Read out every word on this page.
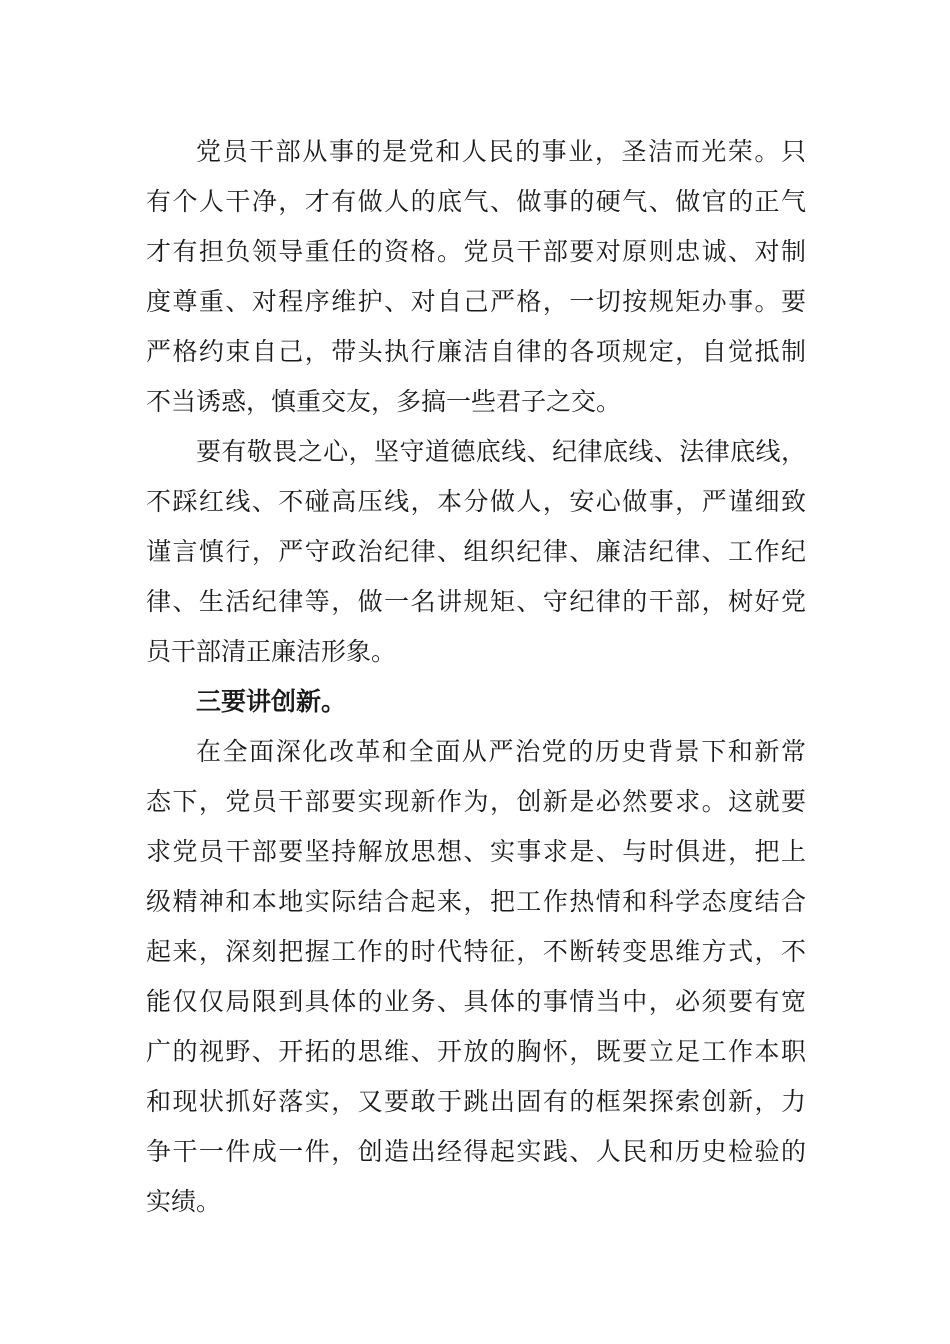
党员干部从事的是党和人民的事业，圣洁而光荣。只
有个人干净，才有做人的底气、做事的硬气、做官的正气
才有担负领导重任的资格。党员干部要对原则忠诚、对制
度尊重、对程序维护、对自己严格，一切按规矩办事。要
严格约束自己，带头执行廉洁自律的各项规定，自觉抵制
不当诱惑，慎重交友，多搞一些君子之交。
要有敬畏之心，坚守道德底线、纪律底线、法律底线，
不踩红线、不碰高压线，本分做人，安心做事，严谨细致
谨言慎行，严守政治纪律、组织纪律、廉洁纪律、工作纪
律、生活纪律等，做一名讲规矩、守纪律的干部，树好党
员干部清正廉洁形象。
三要讲创新。
在全面深化改革和全面从严治党的历史背景下和新常
态下，党员干部要实现新作为，创新是必然要求。这就要
求党员干部要坚持解放思想、实事求是、与时俱进，把上
级精神和本地实际结合起来，把工作热情和科学态度结合
起来，深刻把握工作的时代特征，不断转变思维方式，不
能仅仅局限到具体的业务、具体的事情当中，必须要有宽
广的视野、开拓的思维、开放的胸怀，既要立足工作本职
和现状抓好落实，又要敢于跳出固有的框架探索创新，力
争干一件成一件，创造出经得起实践、人民和历史检验的
实绩。
